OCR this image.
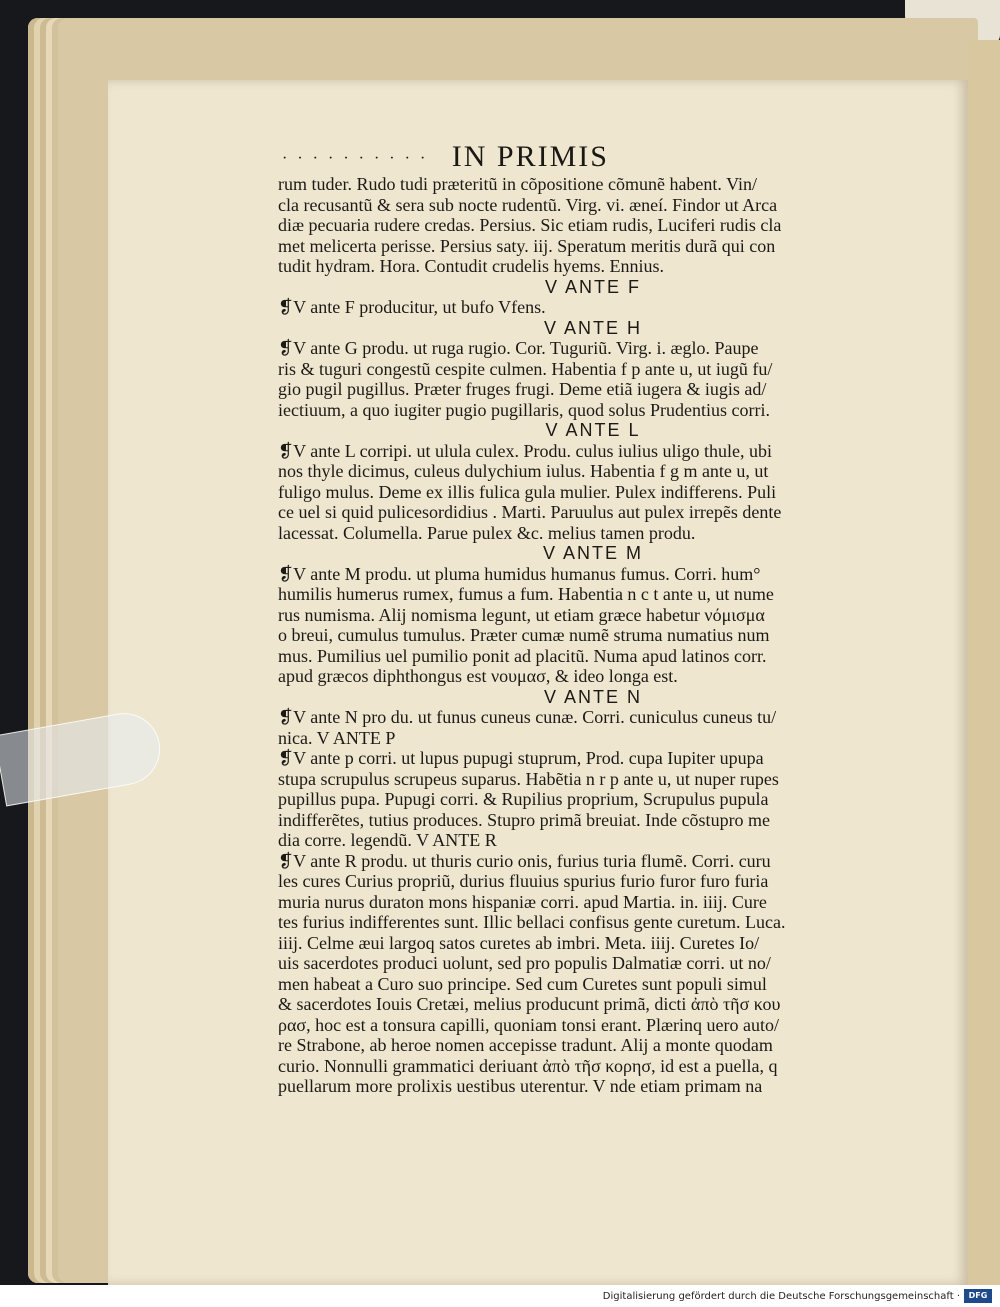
· · · · · · · · · · IN PRIMIS
rum tuder. Rudo tudi præteritũ in cõpositione cõmunẽ habent. Vin/
cla recusantũ & sera sub nocte rudentũ. Virg. vi. æneí. Findor ut Arca
diæ pecuaria rudere credas. Persius. Sic etiam rudis, Luciferi rudis cla
met melicerta perisse. Persius saty. iij. Speratum meritis durã qui con
tudit hydram. Hora. Contudit crudelis hyems. Ennius.
V ANTE F
❡V ante F producitur, ut bufo Vfens.
V ANTE H
❡V ante G produ. ut ruga rugio. Cor. Tuguriũ. Virg. i. æglo. Paupe
ris & tuguri congestũ cespite culmen. Habentia f p ante u, ut iugũ fu/
gio pugil pugillus. Præter fruges frugi. Deme etiã iugera & iugis ad/
iectiuum, a quo iugiter pugio pugillaris, quod solus Prudentius corri.
V ANTE L
❡V ante L corripi. ut ulula culex. Produ. culus iulius uligo thule, ubi
nos thyle dicimus, culeus dulychium iulus. Habentia f g m ante u, ut
fuligo mulus. Deme ex illis fulica gula mulier. Pulex indifferens. Puli
ce uel si quid pulicesordidius . Marti. Paruulus aut pulex irrepẽs dente
lacessat. Columella. Parue pulex &c. melius tamen produ.
V ANTE M
❡V ante M produ. ut pluma humidus humanus fumus. Corri. hum°
humilis humerus rumex, fumus a fum. Habentia n c t ante u, ut nume
rus numisma. Alij nomisma legunt, ut etiam græce habetur νόμισμα
o breui, cumulus tumulus. Præter cumæ numẽ struma numatius num
mus. Pumilius uel pumilio ponit ad placitũ. Numa apud latinos corr.
apud græcos diphthongus est νουμασ, & ideo longa est.
V ANTE N
❡V ante N pro du. ut funus cuneus cunæ. Corri. cuniculus cuneus tu/
nica. V ANTE P
❡V ante p corri. ut lupus pupugi stuprum, Prod. cupa Iupiter upupa
stupa scrupulus scrupeus suparus. Habẽtia n r p ante u, ut nuper rupes
pupillus pupa. Pupugi corri. & Rupilius proprium, Scrupulus pupula
indifferẽtes, tutius produces. Stupro primã breuiat. Inde cõstupro me
dia corre. legendũ. V ANTE R
❡V ante R produ. ut thuris curio onis, furius turia flumẽ. Corri. curu
les cures Curius propriũ, durius fluuius spurius furio furor furo furia
muria nurus duraton mons hispaniæ corri. apud Martia. in. iiij. Cure
tes furius indifferentes sunt. Illic bellaci confisus gente curetum. Luca.
iiij. Celme æui largoq satos curetes ab imbri. Meta. iiij. Curetes Io/
uis sacerdotes produci uolunt, sed pro populis Dalmatiæ corri. ut no/
men habeat a Curo suo principe. Sed cum Curetes sunt populi simul
& sacerdotes Iouis Cretæi, melius producunt primã, dicti ἀπὸ τῆσ κου
ρασ, hoc est a tonsura capilli, quoniam tonsi erant. Plærinq uero auto/
re Strabone, ab heroe nomen accepisse tradunt. Alij a monte quodam
curio. Nonnulli grammatici deriuant ἀπὸ τῆσ κορησ, id est a puella, q
puellarum more prolixis uestibus uterentur. V nde etiam primam na
Digitalisierung gefördert durch die Deutsche Forschungsgemeinschaft ·	DFG
